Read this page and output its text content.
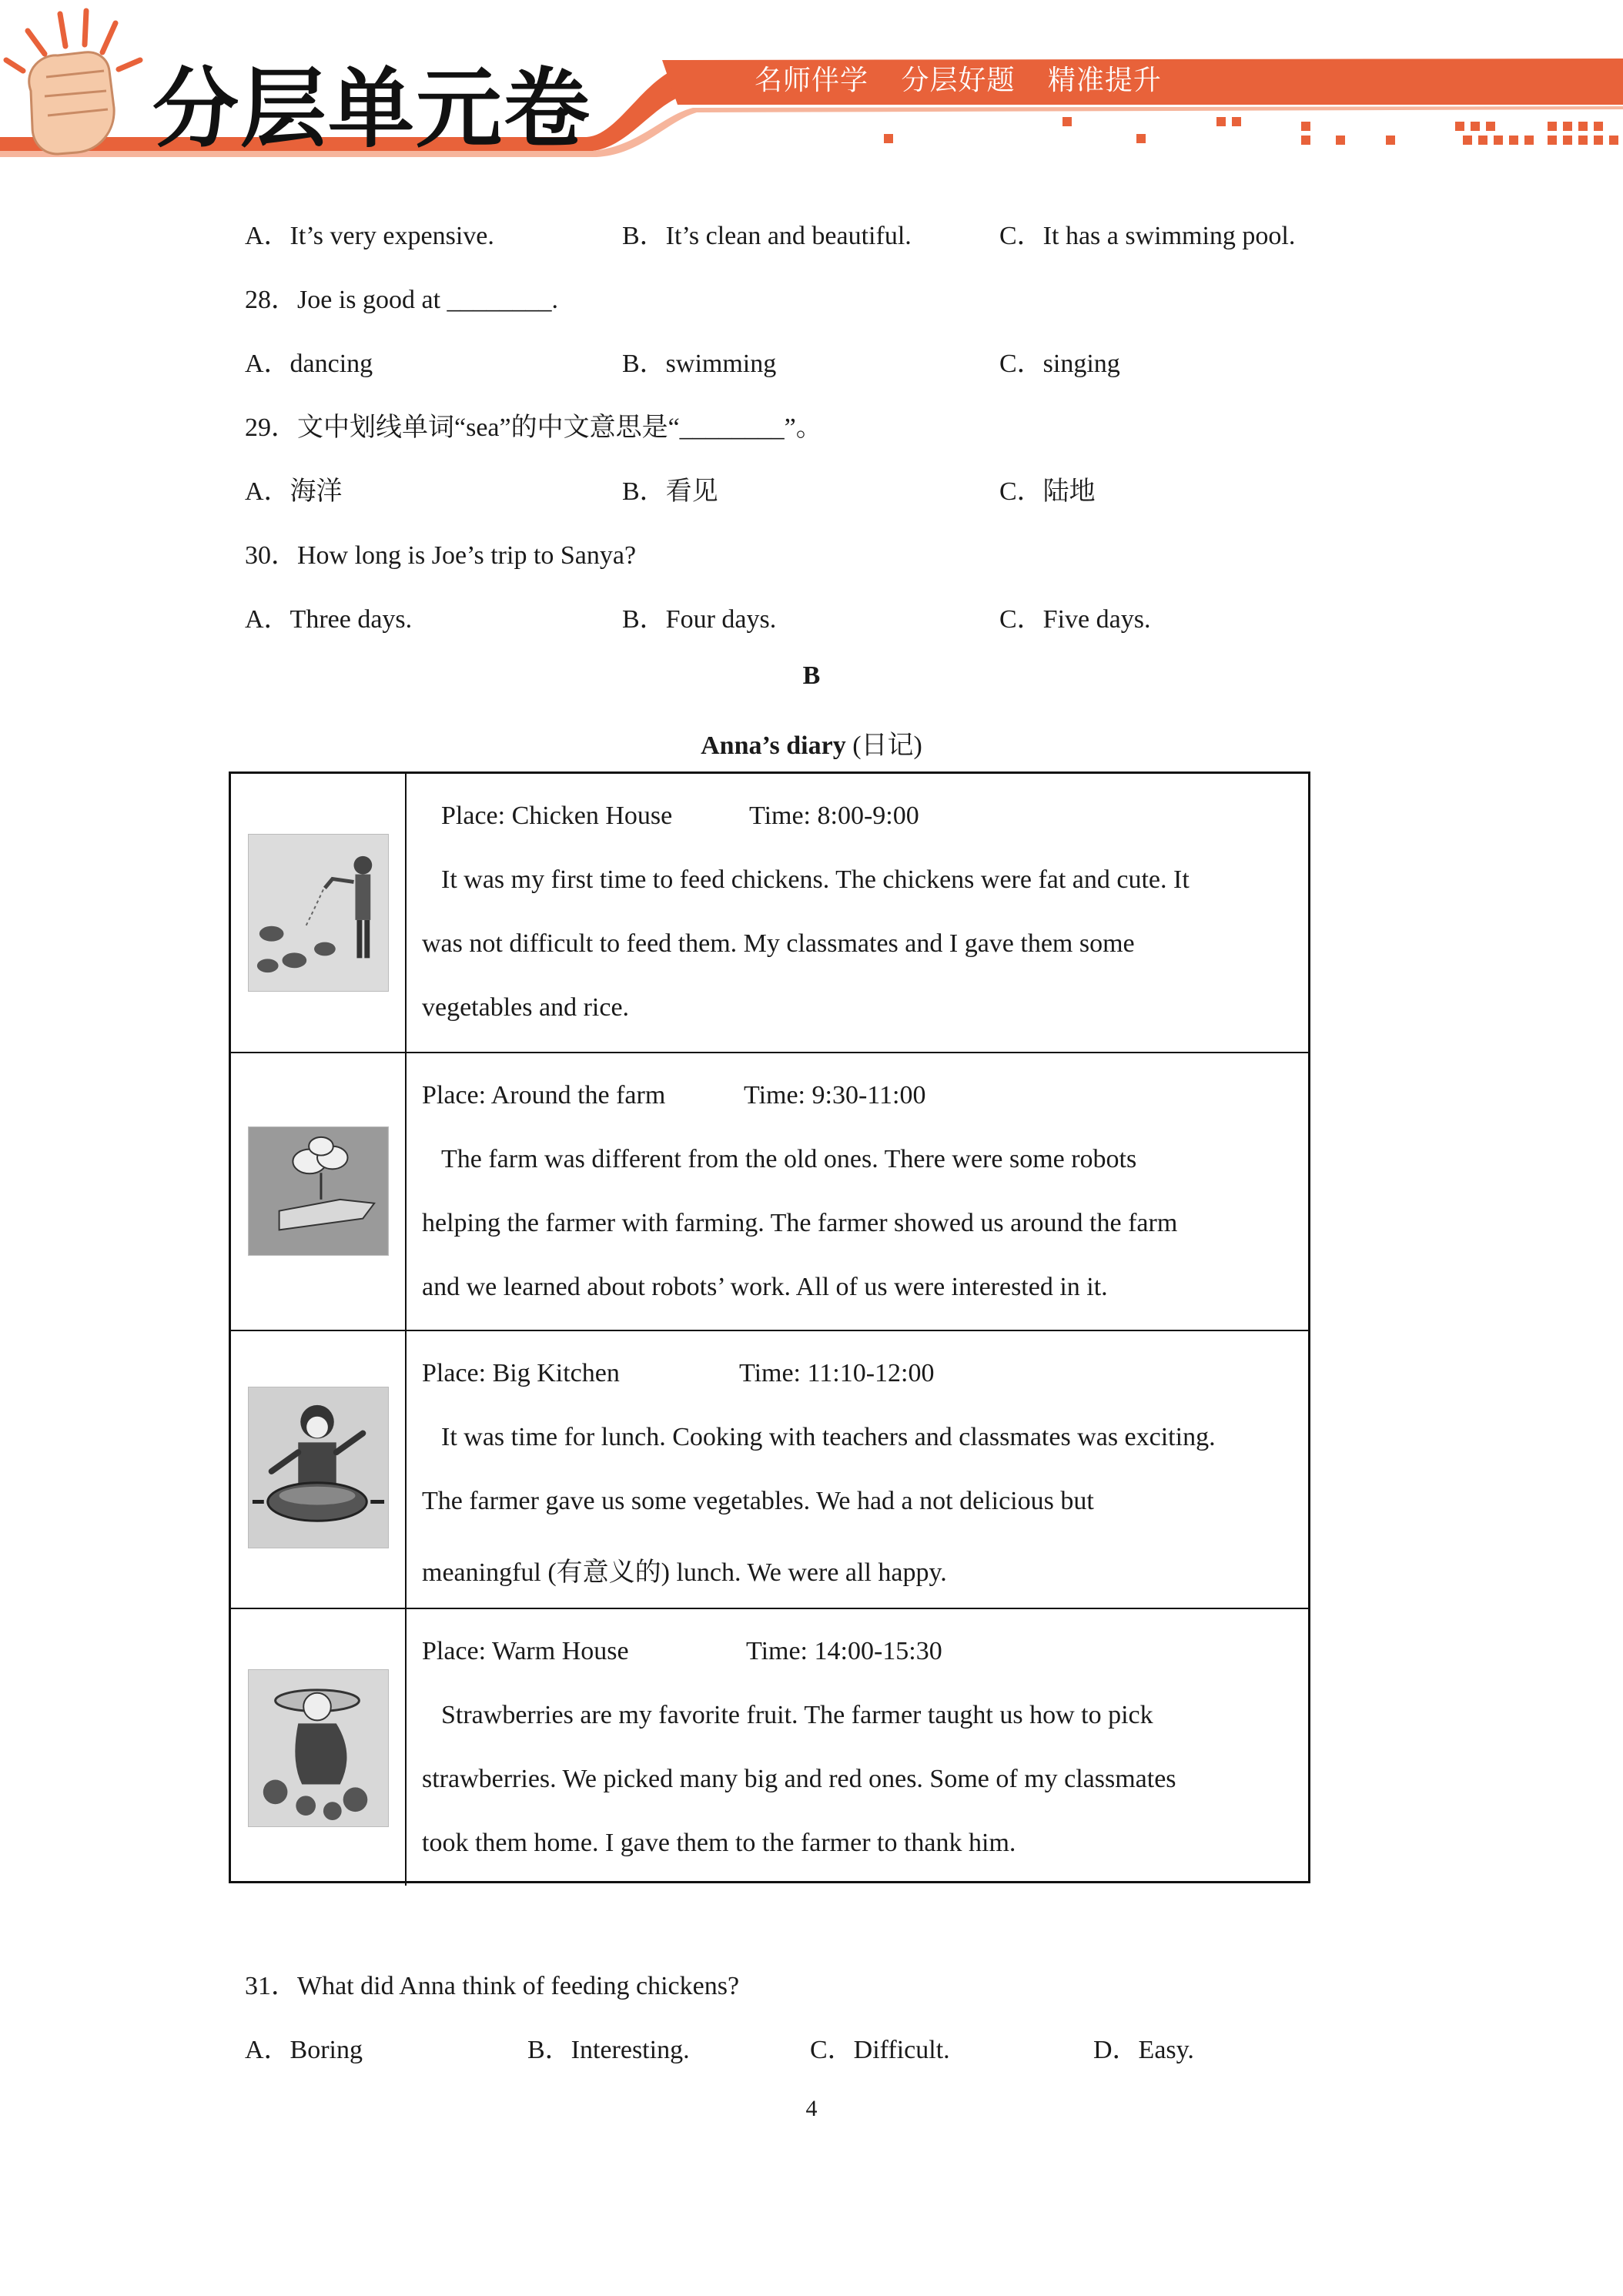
分层单元卷	名师伴学 分层好题 精准提升
A．It’s very expensive.	B．It’s clean and beautiful.	C．It has a swimming pool.
28．Joe is good at ________.
A．dancing	B．swimming	C．singing
29．文中划线单词“sea”的中文意思是“________”。
A．海洋	B．看见	C．陆地
30．How long is Joe’s trip to Sanya?
A．Three days.	B．Four days.	C．Five days.
B
Anna’s diary (日记)
Place: Chicken House	Time: 8:00-9:00
It was my first time to feed chickens. The chickens were fat and cute. It
was not difficult to feed them. My classmates and I gave them some
vegetables and rice.
Place: Around the farm	Time: 9:30-11:00
The farm was different from the old ones. There were some robots
helping the farmer with farming. The farmer showed us around the farm
and we learned about robots’ work. All of us were interested in it.
Place: Big Kitchen	Time: 11:10-12:00
It was time for lunch. Cooking with teachers and classmates was exciting.
The farmer gave us some vegetables. We had a not delicious but
meaningful (有意义的) lunch. We were all happy.
Place: Warm House	Time: 14:00-15:30
Strawberries are my favorite fruit. The farmer taught us how to pick
strawberries. We picked many big and red ones. Some of my classmates
took them home. I gave them to the farmer to thank him.
31．What did Anna think of feeding chickens?
A．Boring	B．Interesting.	C．Difficult.	D．Easy.
4
